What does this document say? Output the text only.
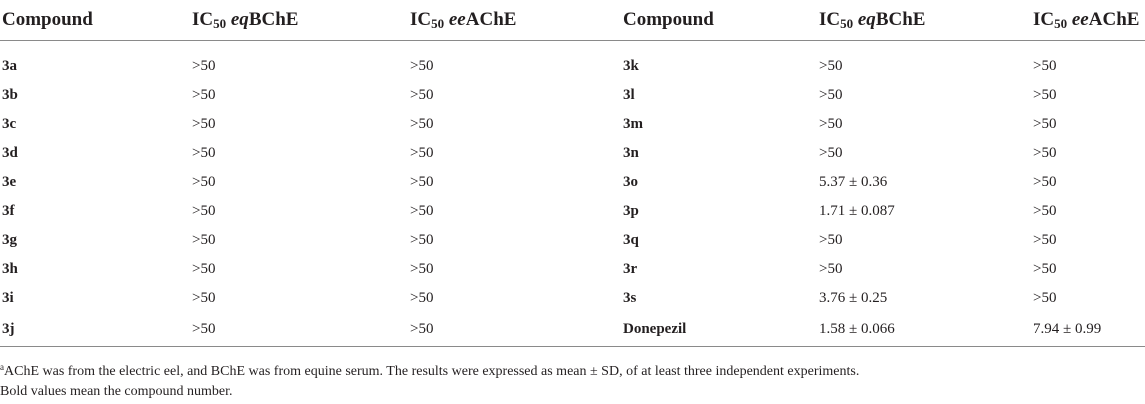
Compound	$IC_{50}$ eqBChE	$IC_{50}$ eeAChE	Compound	$IC_{50}$ eqBChE	$IC_{50}$ eeAChE

3a	>50	>50	3k	>50	>50
3b	>50	>50	3l	>50	>50
3c	>50	>50	3m	>50	>50
3d	>50	>50	3n	>50	>50
3e	>50	>50	3o	5.37 ± 0.36	>50
3f	>50	>50	3p	1.71 ± 0.087	>50
3g	>50	>50	3q	>50	>50
3h	>50	>50	3r	>50	>50
3i	>50	>50	3s	3.76 ± 0.25	>50
3j	>50	>50	Donepezil	1.58 ± 0.066	7.94 ± 0.99
$^a$AChE was from the electric eel, and BChE was from equine serum. The results were expressed as mean ± SD, of at least three independent experiments.
Bold values mean the compound number.
